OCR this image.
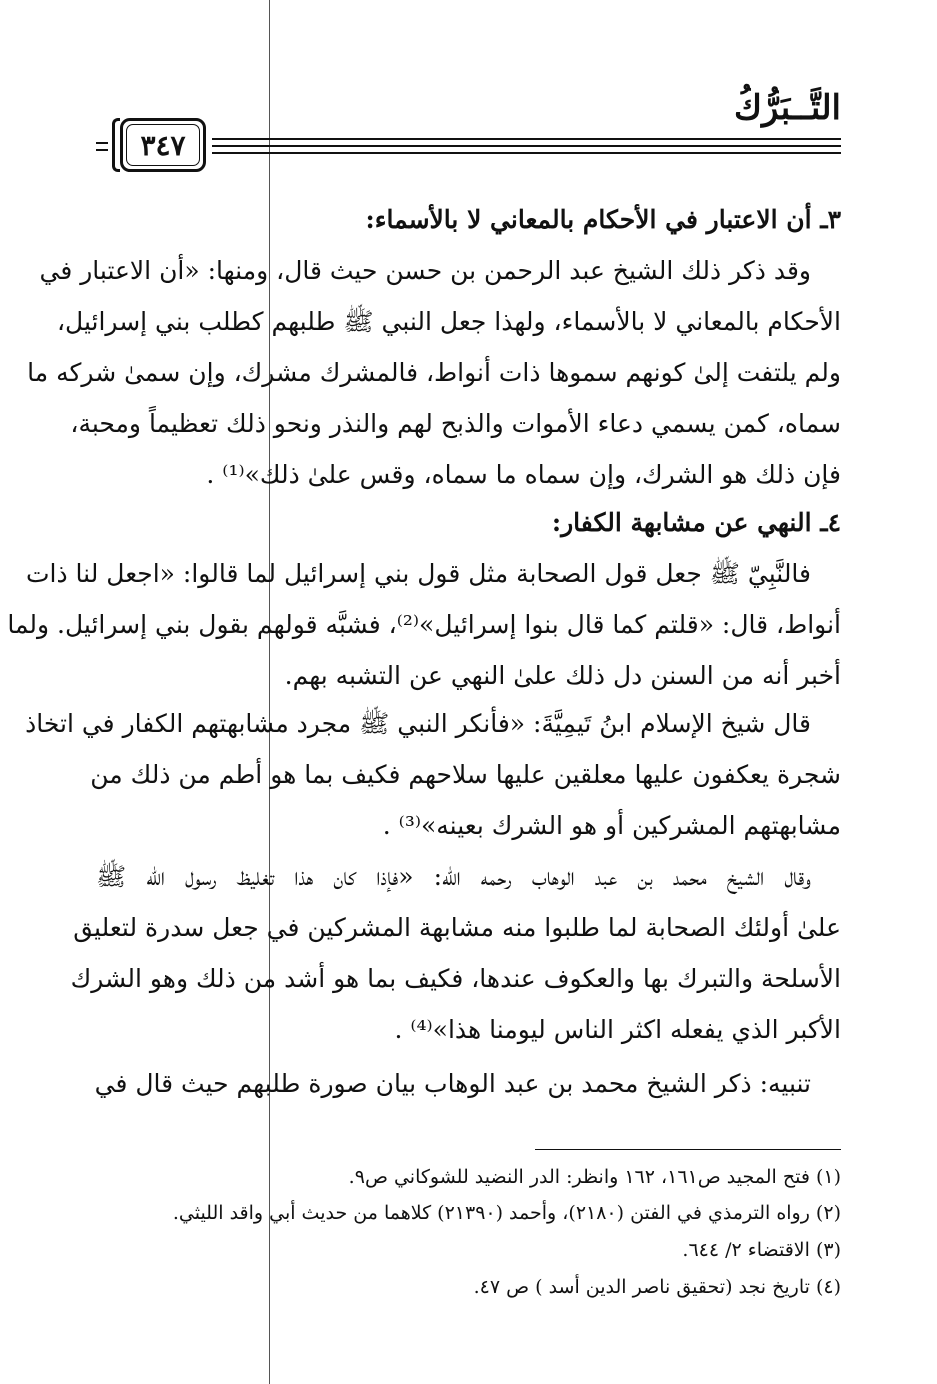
التَّــبَرُّكُ
٣٤٧
٣ـ أن الاعتبار في الأحكام بالمعاني لا بالأسماء:
وقد ذكر ذلك الشيخ عبد الرحمن بن حسن حيث قال، ومنها: «أن الاعتبار في
الأحكام بالمعاني لا بالأسماء، ولهذا جعل النبي ﷺ طلبهم كطلب بني إسرائيل،
ولم يلتفت إلىٰ كونهم سموها ذات أنواط، فالمشرك مشرك، وإن سمىٰ شركه ما
سماه، كمن يسمي دعاء الأموات والذبح لهم والنذر ونحو ذلك تعظيماً ومحبة،
فإن ذلك هو الشرك، وإن سماه ما سماه، وقس علىٰ ذلك»⁽¹⁾ .
٤ـ النهي عن مشابهة الكفار:
فالنَّبِيّ ﷺ جعل قول الصحابة مثل قول بني إسرائيل لما قالوا: «اجعل لنا ذات
أنواط، قال: «قلتم كما قال بنوا إسرائيل»⁽²⁾، فشبَّه قولهم بقول بني إسرائيل. ولما
أخبر أنه من السنن دل ذلك علىٰ النهي عن التشبه بهم.
قال شيخ الإسلام ابنُ تَيمِيَّةَ: «فأنكر النبي ﷺ مجرد مشابهتهم الكفار في اتخاذ
شجرة يعكفون عليها معلقين عليها سلاحهم فكيف بما هو أطم من ذلك من
مشابهتهم المشركين أو هو الشرك بعينه»⁽³⁾ .
وقال الشيخ محمد بن عبد الوهاب رحمه الله: «فإذا كان هذا تغليظ رسول الله ﷺ
علىٰ أولئك الصحابة لما طلبوا منه مشابهة المشركين في جعل سدرة لتعليق
الأسلحة والتبرك بها والعكوف عندها، فكيف بما هو أشد من ذلك وهو الشرك
الأكبر الذي يفعله اكثر الناس ليومنا هذا»⁽⁴⁾ .
تنبيه: ذكر الشيخ محمد بن عبد الوهاب بيان صورة طلبهم حيث قال في
(١) فتح المجيد ص١٦١، ١٦٢ وانظر: الدر النضيد للشوكاني ص٩.
(٢) رواه الترمذي في الفتن (٢١٨٠)، وأحمد (٢١٣٩٠) كلاهما من حديث أبي واقد الليثي.
(٣) الاقتضاء ٢/ ٦٤٤.
(٤) تاريخ نجد (تحقيق ناصر الدين أسد ) ص ٤٧.
